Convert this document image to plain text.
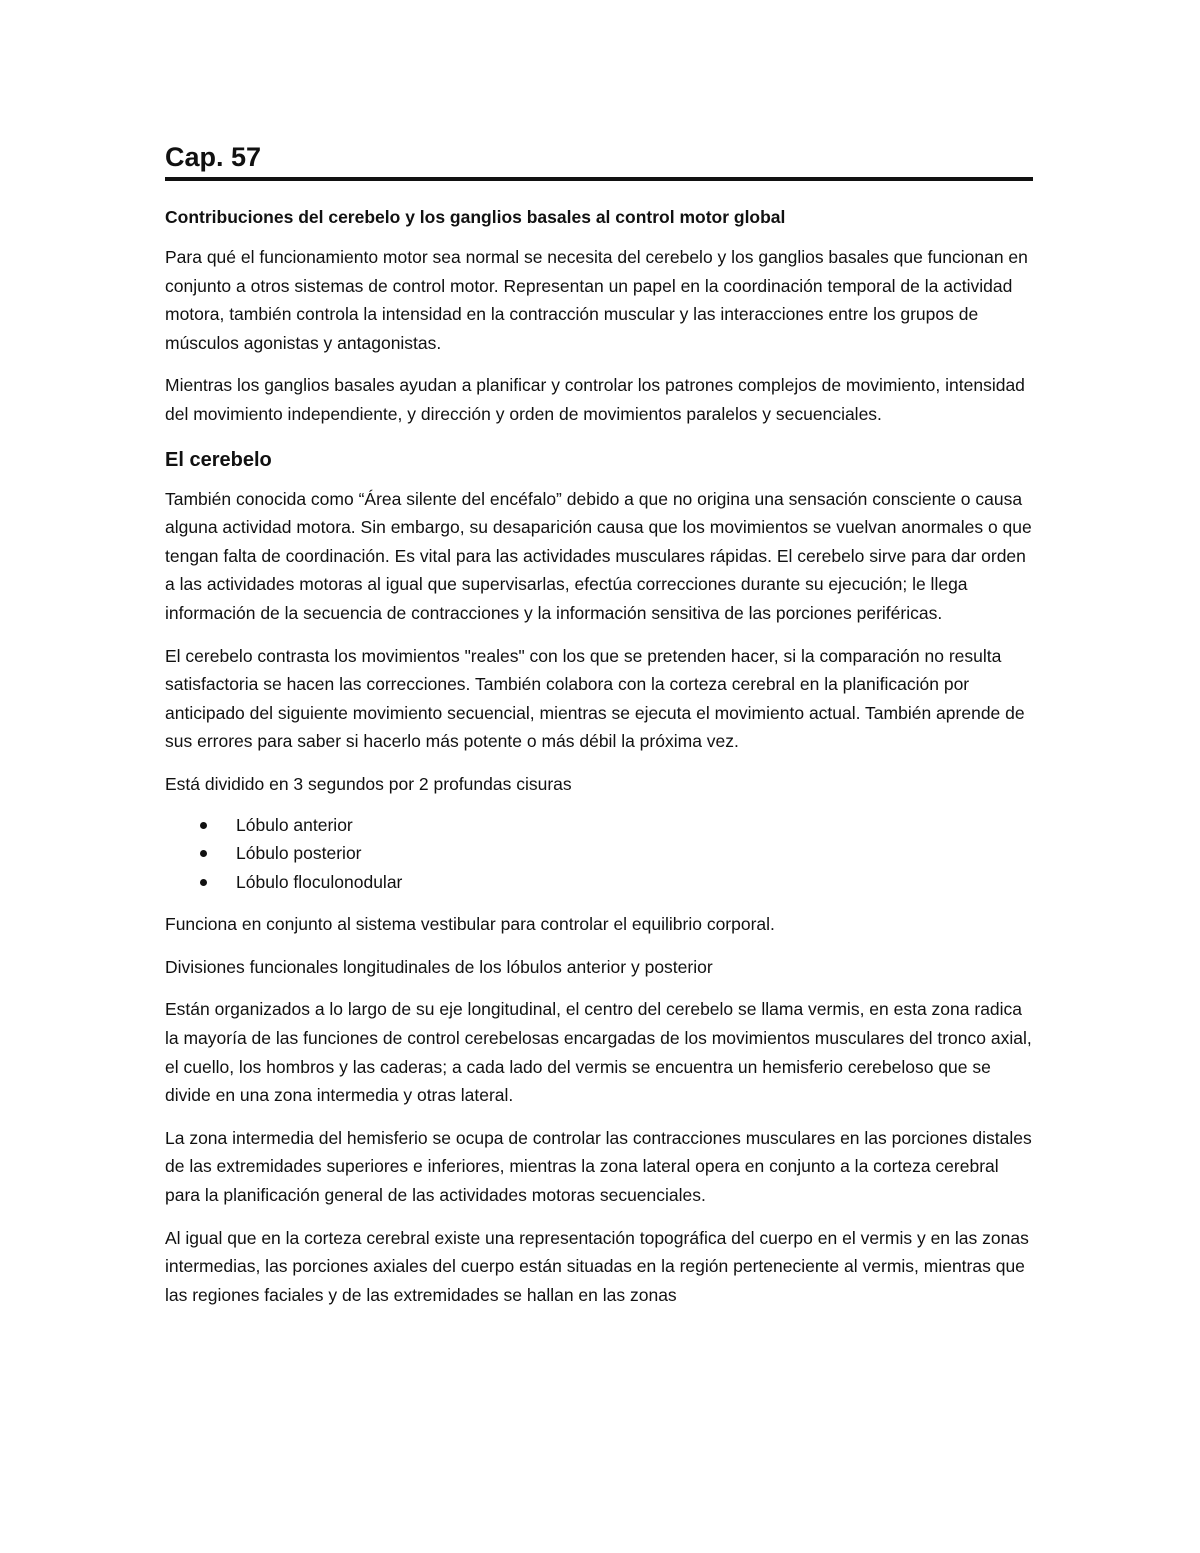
Cap. 57
Contribuciones del cerebelo y los ganglios basales al control motor global

Para qué el funcionamiento motor sea normal se necesita del cerebelo y los ganglios basales que funcionan en conjunto a otros sistemas de control motor. Representan un papel en la coordinación temporal de la actividad motora, también controla la intensidad en la contracción muscular y las interacciones entre los grupos de músculos agonistas y antagonistas.

Mientras los ganglios basales ayudan a planificar y controlar los patrones complejos de movimiento, intensidad del movimiento independiente, y dirección y orden de movimientos paralelos y secuenciales.

El cerebelo

También conocida como “Área silente del encéfalo” debido a que no origina una sensación consciente o causa alguna actividad motora. Sin embargo, su desaparición causa que los movimientos se vuelvan anormales o que tengan falta de coordinación. Es vital para las actividades musculares rápidas. El cerebelo sirve para dar orden a las actividades motoras al igual que supervisarlas, efectúa correcciones durante su ejecución; le llega información de la secuencia de contracciones y la información sensitiva de las porciones periféricas.

El cerebelo contrasta los movimientos "reales" con los que se pretenden hacer, si la comparación no resulta satisfactoria se hacen las correcciones. También colabora con la corteza cerebral en la planificación por anticipado del siguiente movimiento secuencial, mientras se ejecuta el movimiento actual. También aprende de sus errores para saber si hacerlo más potente o más débil la próxima vez.

Está dividido en 3 segundos por 2 profundas cisuras

Lóbulo anterior
Lóbulo posterior
Lóbulo floculonodular

Funciona en conjunto al sistema vestibular para controlar el equilibrio corporal.

Divisiones funcionales longitudinales de los lóbulos anterior y posterior

Están organizados a lo largo de su eje longitudinal, el centro del cerebelo se llama vermis, en esta zona radica la mayoría de las funciones de control cerebelosas encargadas de los movimientos musculares del tronco axial, el cuello, los hombros y las caderas; a cada lado del vermis se encuentra un hemisferio cerebeloso que se divide en una zona intermedia y otras lateral.

La zona intermedia del hemisferio se ocupa de controlar las contracciones musculares en las porciones distales de las extremidades superiores e inferiores, mientras la zona lateral opera en conjunto a la corteza cerebral para la planificación general de las actividades motoras secuenciales.

Al igual que en la corteza cerebral existe una representación topográfica del cuerpo en el vermis y en las zonas intermedias, las porciones axiales del cuerpo están situadas en la región perteneciente al vermis, mientras que las regiones faciales y de las extremidades se hallan en las zonas
